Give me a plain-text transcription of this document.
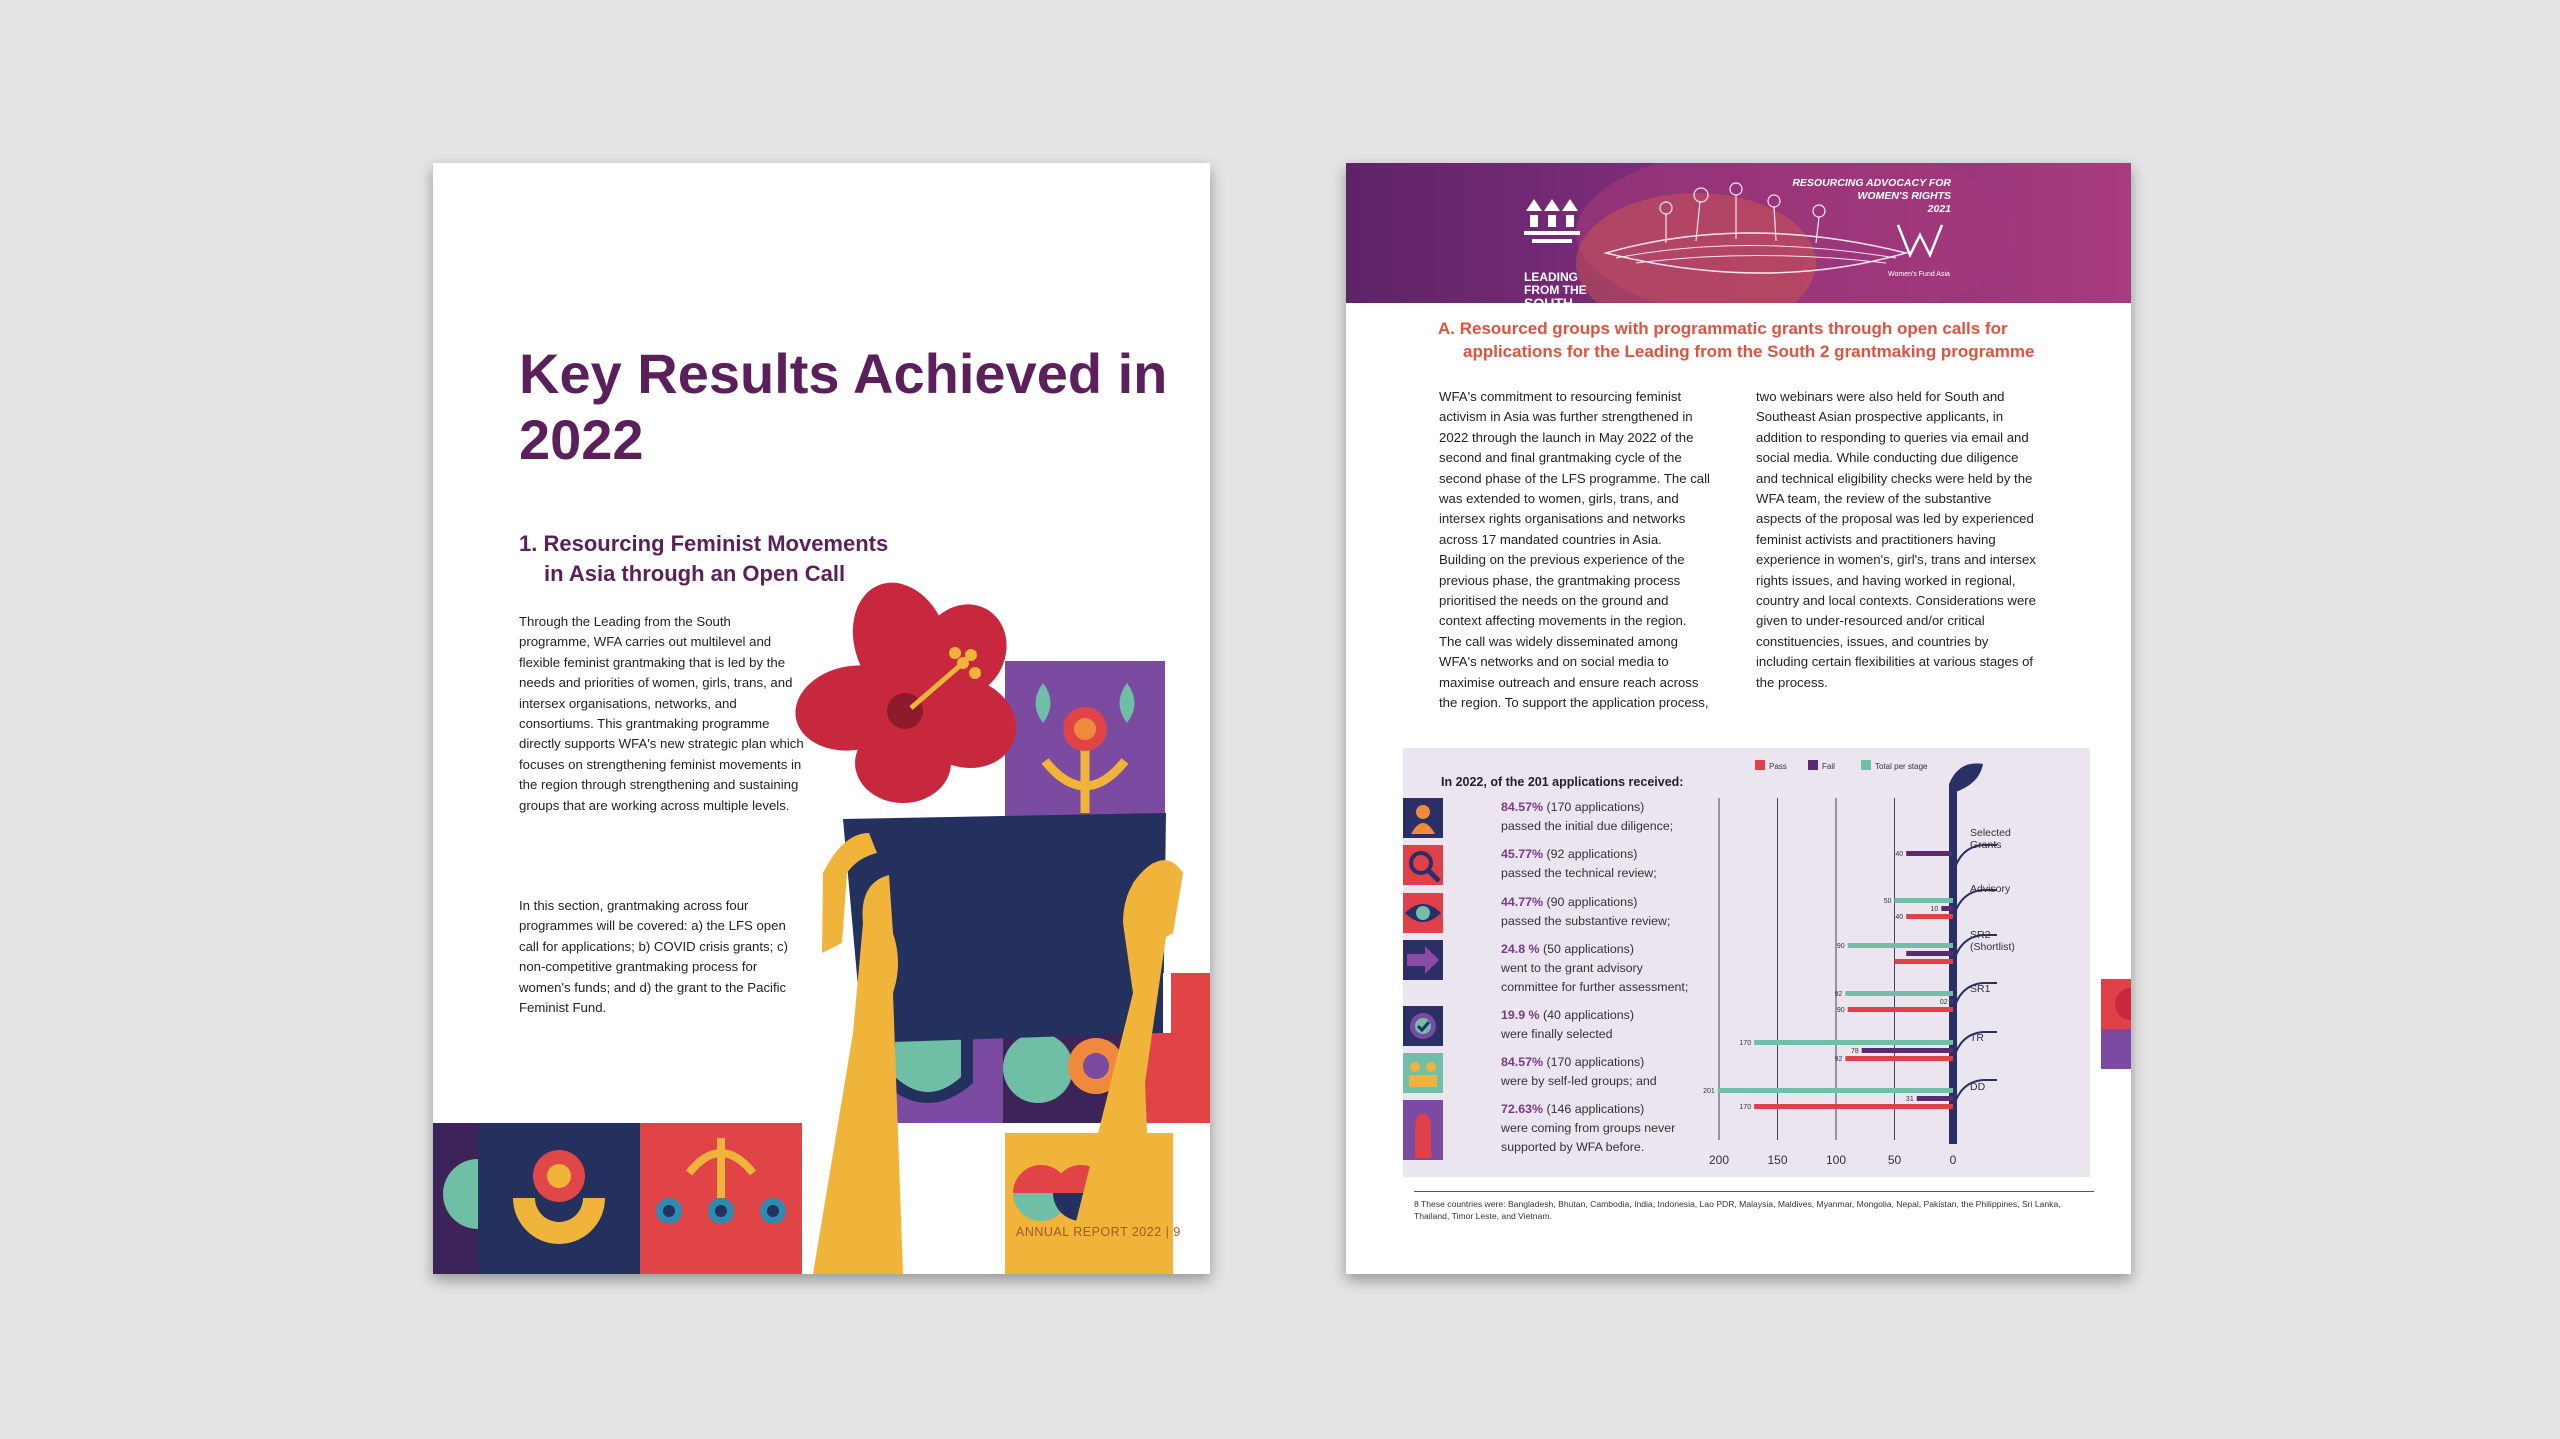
Key Results Achieved in 2022
1. Resourcing Feminist Movements
in Asia through an Open Call

Through the Leading from the South programme, WFA carries out multilevel and flexible feminist grantmaking that is led by the needs and priorities of women, girls, trans, and intersex organisations, networks, and consortiums. This grantmaking programme directly supports WFA's new strategic plan which focuses on strengthening feminist movements in the region through strengthening and sustaining groups that are working across multiple levels.

In this section, grantmaking across four programmes will be covered: a) the LFS open call for applications; b) COVID crisis grants; c) non-competitive grantmaking process for women's funds; and d) the grant to the Pacific Feminist Fund.

ANNUAL REPORT 2022 | 9
LEADING
FROM THE
SOUTH
RESOURCING ADVOCACY FOR
WOMEN'S RIGHTS
2021
Women's Fund Asia
A. Resourced groups with programmatic grants through open calls for
applications for the Leading from the South 2 grantmaking programme

WFA's commitment to resourcing feminist activism in Asia was further strengthened in 2022 through the launch in May 2022 of the second and final grantmaking cycle of the second phase of the LFS programme. The call was extended to women, girls, trans, and intersex rights organisations and networks across 17 mandated countries in Asia. Building on the previous experience of the previous phase, the grantmaking process prioritised the needs on the ground and context affecting movements in the region. The call was widely disseminated among WFA's networks and on social media to maximise outreach and ensure reach across the region. To support the application process,

two webinars were also held for South and Southeast Asian prospective applicants, in addition to responding to queries via email and social media. While conducting due diligence and technical eligibility checks were held by the WFA team, the review of the substantive aspects of the proposal was led by experienced feminist activists and practitioners having experience in women's, girl's, trans and intersex rights issues, and having worked in regional, country and local contexts. Considerations were given to under-resourced and/or critical constituencies, issues, and countries by including certain flexibilities at various stages of the process.

In 2022, of the 201 applications received:
84.57% (170 applications)
passed the initial due diligence;
45.77% (92 applications)
passed the technical review;
44.77% (90 applications)
passed the substantive review;
24.8 % (50 applications)
went to the grant advisory
committee for further assessment;
19.9 % (40 applications)
were finally selected
84.57% (170 applications)
were by self-led groups; and
72.63% (146 applications)
were coming from groups never
supported by WFA before.
Pass	Fail	Total per stage
200	150	100	50	0
Selected
Grants
40
Advisory
50
10
40
SR2
(Shortlist)
90
SR1
92
02
90
TR
170
78
92
DD
201
31
170
8 These countries were: Bangladesh, Bhutan, Cambodia, India, Indonesia, Lao PDR, Malaysia, Maldives, Myanmar, Mongolia, Nepal, Pakistan, the Philippines, Sri Lanka, Thailand, Timor Leste, and Vietnam.
